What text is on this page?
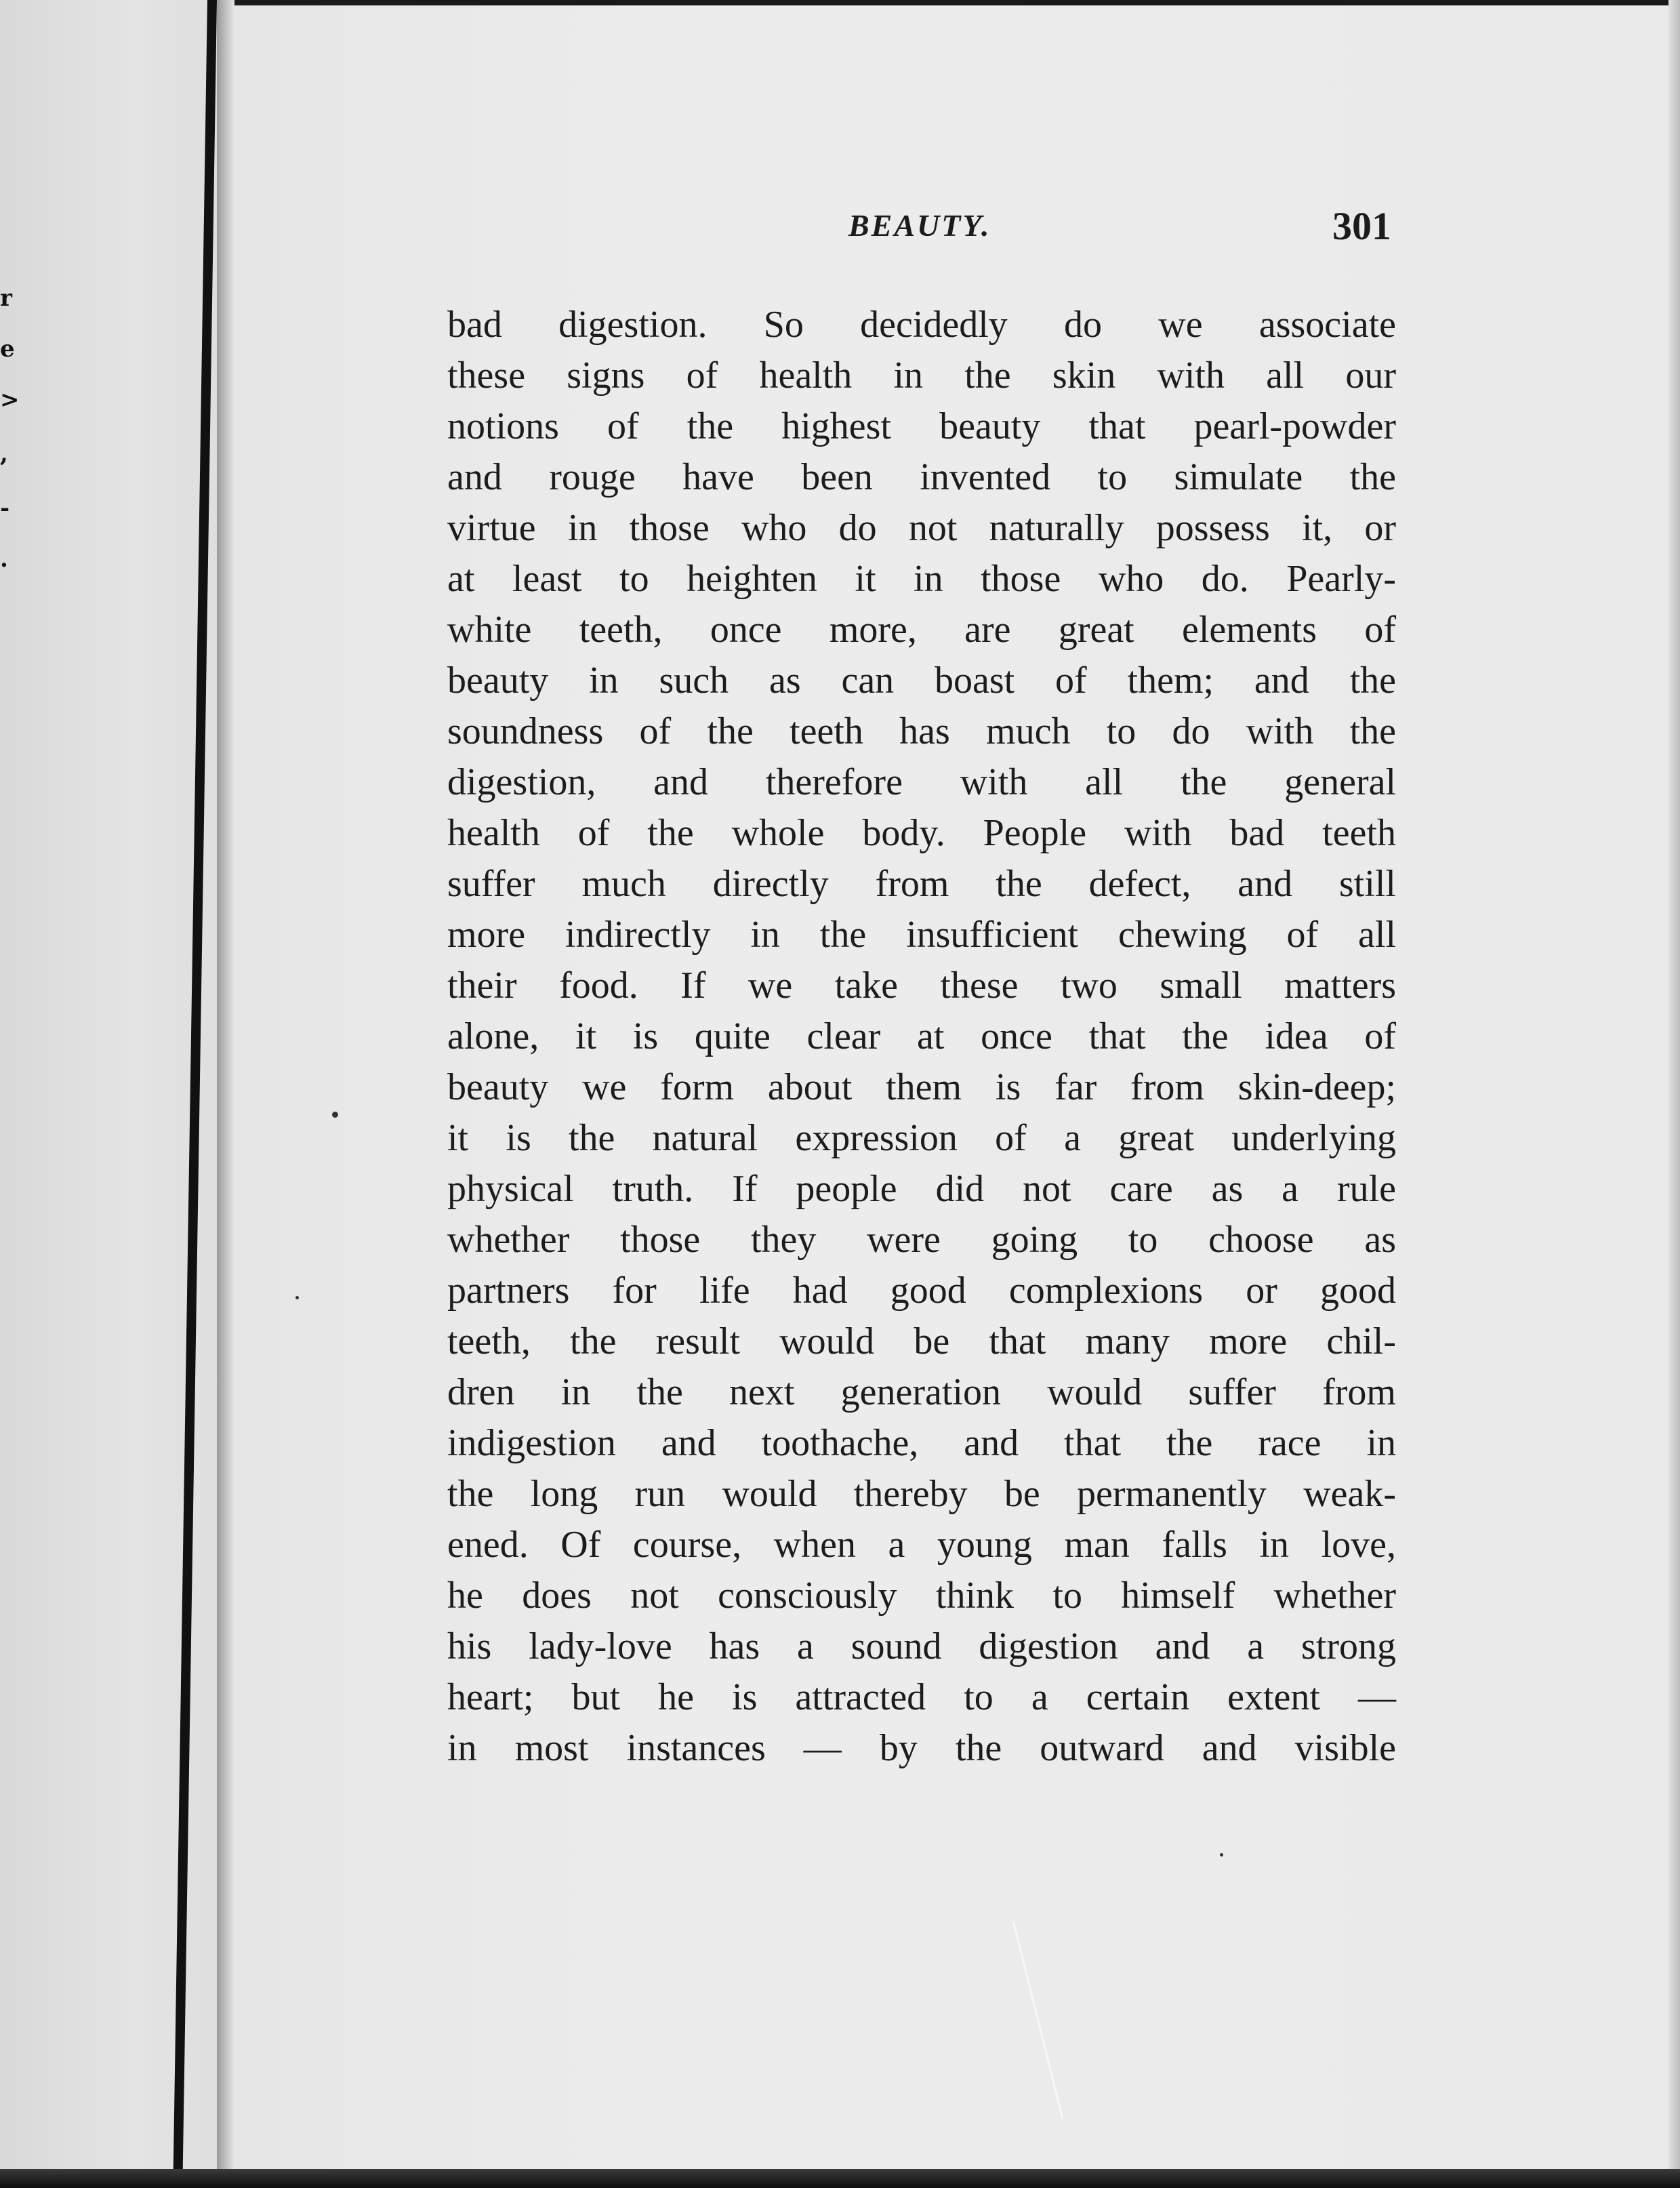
r
e
>
,
-
.
BEAUTY.	301
bad digestion. So decidedly do we associate
these signs of health in the skin with all our
notions of the highest beauty that pearl-powder
and rouge have been invented to simulate the
virtue in those who do not naturally possess it, or
at least to heighten it in those who do. Pearly-
white teeth, once more, are great elements of
beauty in such as can boast of them; and the
soundness of the teeth has much to do with the
digestion, and therefore with all the general
health of the whole body. People with bad teeth
suffer much directly from the defect, and still
more indirectly in the insufficient chewing of all
their food. If we take these two small matters
alone, it is quite clear at once that the idea of
beauty we form about them is far from skin-deep;
it is the natural expression of a great underlying
physical truth. If people did not care as a rule
whether those they were going to choose as
partners for life had good complexions or good
teeth, the result would be that many more chil-
dren in the next generation would suffer from
indigestion and toothache, and that the race in
the long run would thereby be permanently weak-
ened. Of course, when a young man falls in love,
he does not consciously think to himself whether
his lady-love has a sound digestion and a strong
heart; but he is attracted to a certain extent —
in most instances — by the outward and visible
